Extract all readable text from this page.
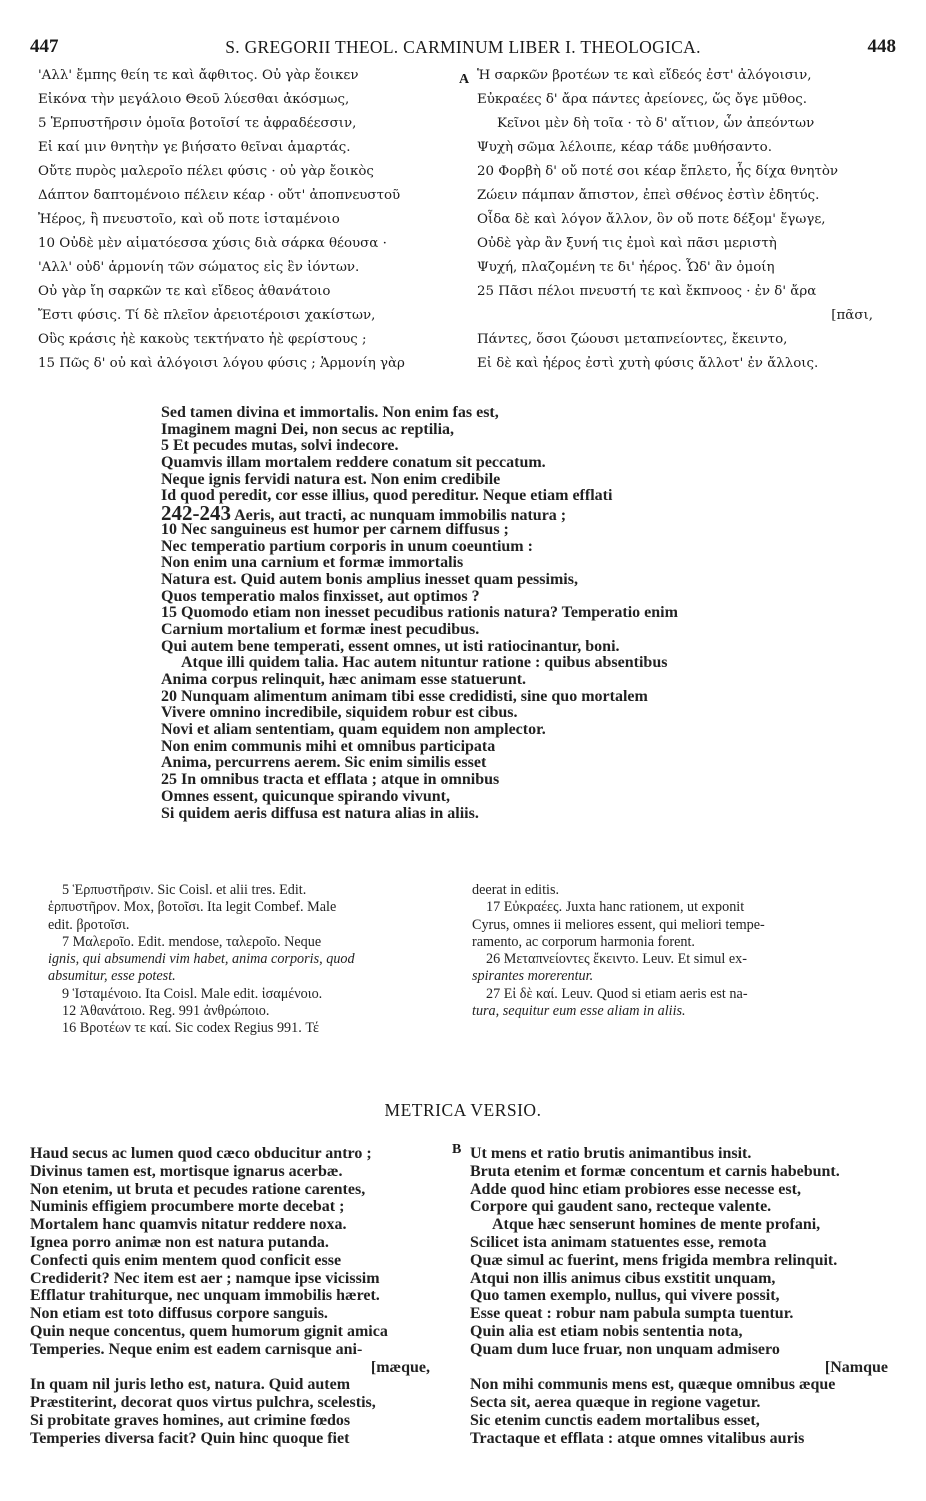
447	S. GREGORII THEOL. CARMINUM LIBER I. THEOLOGICA.	448
'Αλλ' ἔμπης θείη τε καὶ ἄφθιτος. Οὐ γὰρ ἔοικεν
Εἰκόνα τὴν μεγάλοιο Θεοῦ λύεσθαι ἀκόσμως,
5 Ἑρπυστῆρσιν ὁμοῖα βοτοῖσί τε ἀφραδέεσσιν,
Εἰ καί μιν θνητὴν γε βιήσατο θεῖναι ἁμαρτάς.
Οὔτε πυρὸς μαλεροῖο πέλει φύσις · οὐ γὰρ ἔοικὸς
Δάπτον δαπτομένοιο πέλειν κέαρ · οὔτ' ἀποπνευστοῦ
Ἠέρος, ἢ πνευστοῖο, καὶ οὔ ποτε ἱσταμένοιο
10 Οὐδὲ μὲν αἱματόεσσα χύσις διὰ σάρκα θέουσα ·
'Αλλ' οὐδ' ἁρμονίη τῶν σώματος εἰς ἓν ἰόντων.
Οὐ γὰρ ἴη σαρκῶν τε καὶ εἴδεος ἀθανάτοιο
Ἔστι φύσις. Τί δὲ πλεῖον ἀρειοτέροισι χακίστων,
Οὓς κράσις ἠὲ κακοὺς τεκτήνατο ἠὲ φερίστους ;
15 Πῶς δ' οὐ καὶ ἀλόγοισι λόγου φύσις ; Ἁρμονίη γὰρ
A Ἡ σαρκῶν βροτέων τε καὶ εἴδεός ἐστ' ἀλόγοισιν,
Εὐκραέες δ' ἄρα πάντες ἀρείονες, ὥς ὄγε μῦθος.
Κεῖνοι μὲν δὴ τοῖα · τὸ δ' αἴτιον, ὧν ἀπεόντων
Ψυχὴ σῶμα λέλοιπε, κέαρ τάδε μυθήσαντο.
20 Φορβὴ δ' οὔ ποτέ σοι κέαρ ἔπλετο, ἧς δίχα θνητὸν
Ζώειν πάμπαν ἄπιστον, ἐπεὶ σθένος ἐστὶν ἐδητύς.
Οἶδα δὲ καὶ λόγον ἄλλον, ὃν οὔ ποτε δέξομ' ἔγωγε,
Οὐδὲ γὰρ ἂν ξυνή τις ἐμοὶ καὶ πᾶσι μεριστὴ
Ψυχή, πλαζομένη τε δι' ἠέρος. Ὧδ' ἂν ὁμοίη
25 Πᾶσι πέλοι πνευστή τε καὶ ἔκπνοος · ἐν δ' ἄρα
[πᾶσι,
Πάντες, ὅσοι ζώουσι μεταπνείοντες, ἔκειντο,
Εἰ δὲ καὶ ἠέρος ἐστὶ χυτὴ φύσις ἄλλοτ' ἐν ἄλλοις.
Sed tamen divina et immortalis. Non enim fas est,
Imaginem magni Dei, non secus ac reptilia,
5 Et pecudes mutas, solvi indecore.
Quamvis illam mortalem reddere conatum sit peccatum.
Neque ignis fervidi natura est. Non enim credibile
Id quod peredit, cor esse illius, quod pereditur. Neque etiam efflati
242-243 Aeris, aut tracti, ac nunquam immobilis natura ;
10 Nec sanguineus est humor per carnem diffusus ;
Nec temperatio partium corporis in unum coeuntium :
Non enim una carnium et formæ immortalis
Natura est. Quid autem bonis amplius inesset quam pessimis,
Quos temperatio malos finxisset, aut optimos ?
15 Quomodo etiam non inesset pecudibus rationis natura? Temperatio enim
Carnium mortalium et formæ inest pecudibus.
Qui autem bene temperati, essent omnes, ut isti ratiocinantur, boni.
Atque illi quidem talia. Hac autem nituntur ratione : quibus absentibus
Anima corpus relinquit, hæc animam esse statuerunt.
20 Nunquam alimentum animam tibi esse credidisti, sine quo mortalem
Vivere omnino incredibile, siquidem robur est cibus.
Novi et aliam sententiam, quam equidem non amplector.
Non enim communis mihi et omnibus participata
Anima, percurrens aerem. Sic enim similis esset
25 In omnibus tracta et efflata ; atque in omnibus
Omnes essent, quicunque spirando vivunt,
Si quidem aeris diffusa est natura alias in aliis.
5 Ἑρπυστῆρσιν. Sic Coisl. et alii tres. Edit.
ἑρπυστῆρον. Mox, βοτοῖσι. Ita legit Combef. Male
edit. βροτοῖσι.
7 Μαλεροῖο. Edit. mendose, ταλεροῖο. Neque
ignis, qui absumendi vim habet, anima corporis, quod
absumitur, esse potest.
9 Ἱσταμένοιο. Ita Coisl. Male edit. ἱσαμένοιο.
12 Ἀθανάτοιο. Reg. 991 ἀνθρώποιο.
16 Βροτέων τε καί. Sic codex Regius 991. Τέ
deerat in editis.
17 Εὐκραέες. Juxta hanc rationem, ut exponit
Cyrus, omnes ii meliores essent, qui meliori tempe-
ramento, ac corporum harmonia forent.
26 Μεταπνείοντες ἔκειντο. Leuv. Et simul ex-
spirantes morerentur.
27 Εἰ δὲ καί. Leuv. Quod si etiam aeris est na-
tura, sequitur eum esse aliam in aliis.
METRICA VERSIO.
Haud secus ac lumen quod cæco obducitur antro ;
Divinus tamen est, mortisque ignarus acerbæ.
Non etenim, ut bruta et pecudes ratione carentes,
Numinis effigiem procumbere morte decebat ;
Mortalem hanc quamvis nitatur reddere noxa.
Ignea porro animæ non est natura putanda.
Confecti quis enim mentem quod conficit esse
Crediderit? Nec item est aer ; namque ipse vicissim
Efflatur trahiturque, nec unquam immobilis hæret.
Non etiam est toto diffusus corpore sanguis.
Quin neque concentus, quem humorum gignit amica
Temperies. Neque enim est eadem carnisque ani-
[mæque,
In quam nil juris letho est, natura. Quid autem
Præstiterint, decorat quos virtus pulchra, scelestis,
Si probitate graves homines, aut crimine fœdos
Temperies diversa facit? Quin hinc quoque fiet
B Ut mens et ratio brutis animantibus insit.
Bruta etenim et formæ concentum et carnis habebunt.
Adde quod hinc etiam probiores esse necesse est,
Corpore qui gaudent sano, recteque valente.
Atque hæc senserunt homines de mente profani,
Scilicet ista animam statuentes esse, remota
Quæ simul ac fuerint, mens frigida membra relinquit.
Atqui non illis animus cibus exstitit unquam,
Quo tamen exemplo, nullus, qui vivere possit,
Esse queat : robur nam pabula sumpta tuentur.
Quin alia est etiam nobis sententia nota,
Quam dum luce fruar, non unquam admisero
[Namque
Non mihi communis mens est, quæque omnibus æque
Secta sit, aerea quæque in regione vagetur.
Sic etenim cunctis eadem mortalibus esset,
Tractaque et efflata : atque omnes vitalibus auris
